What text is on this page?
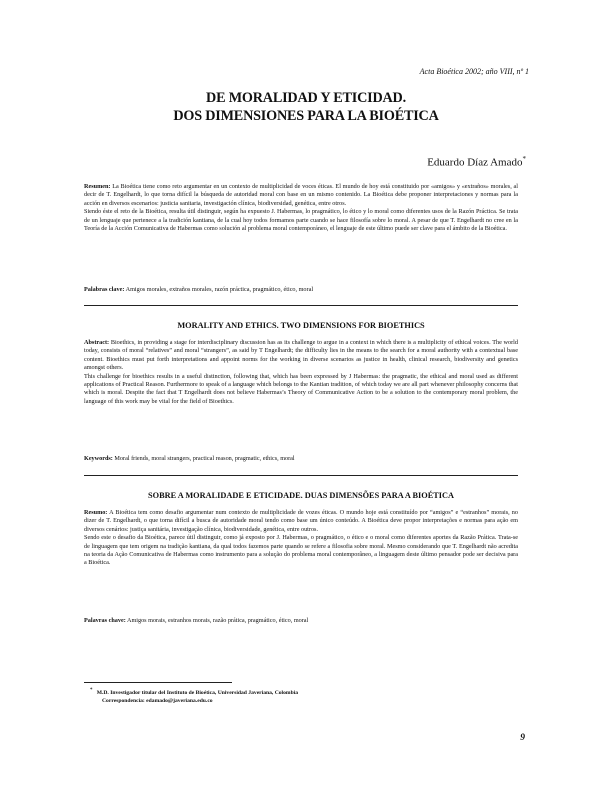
Acta Bioética 2002; año VIII, nº 1
DE MORALIDAD Y ETICIDAD.
DOS DIMENSIONES PARA LA BIOÉTICA
Eduardo Díaz Amado*

Resumen: La Bioética tiene como reto argumentar en un contexto de multiplicidad de voces éticas. El mundo de hoy está constituido por «amigos» y «extraños» morales, al decir de T. Engelhardt, lo que torna difícil la búsqueda de autoridad moral con base en un mismo contenido. La Bioética debe proponer interpretaciones y normas para la acción en diversos escenarios: justicia sanitaria, investigación clínica, biodiversidad, genética, entre otros.

Siendo éste el reto de la Bioética, resulta útil distinguir, según ha expuesto J. Habermas, lo pragmático, lo ético y lo moral como diferentes usos de la Razón Práctica. Se trata de un lenguaje que pertenece a la tradición kantiana, de la cual hoy todos formamos parte cuando se hace filosofía sobre lo moral. A pesar de que T. Engelhardt no cree en la Teoría de la Acción Comunicativa de Habermas como solución al problema moral contemporáneo, el lenguaje de este último puede ser clave para el ámbito de la Bioética.

Palabras clave: Amigos morales, extraños morales, razón práctica, pragmático, ético, moral
MORALITY AND ETHICS. TWO DIMENSIONS FOR BIOETHICS

Abstract: Bioethics, in providing a stage for interdisciplinary discussion has as its challenge to argue in a context in which there is a multiplicity of ethical voices. The world today, consists of moral “relatives” and moral “strangers”, as said by T Engelhardt; the difficulty lies in the means to the search for a moral authority with a contextual base content. Bioethics must put forth interpretations and appoint norms for the working in diverse scenarios as justice in health, clinical research, biodiversity and genetics amongst others.

This challenge for bioethics results in a useful distinction, following that, which has been expressed by J Habermas: the pragmatic, the ethical and moral used as different applications of Practical Reason. Furthermore to speak of a language which belongs to the Kantian tradition, of which today we are all part whenever philosophy concerns that which is moral. Despite the fact that T Engelhardt does not believe Habermas’s Theory of Communicative Action to be a solution to the contemporary moral problem, the language of this work may be vital for the field of Bioethics.

Keywords: Moral friends, moral strangers, practical reason, pragmatic, ethics, moral
SOBRE A MORALIDADE E ETICIDADE. DUAS DIMENSÕES PARA A BIOÉTICA

Resumo: A Bioética tem como desafio argumentar num contexto de multiplicidade de vozes éticas. O mundo hoje está constituído por “amigos” e “estranhos” morais, no dizer de T. Engelhardt, o que torna difícil a busca de autoridade moral tendo como base um único conteúdo. A Bioética deve propor interpretações e normas para ação em diversos cenários: justiça sanitária, investigação clínica, biodiversidade, genética, entre outros.

Sendo este o desafio da Bioética, parece útil distinguir, como já exposto por J. Habermas, o pragmático, o ético e o moral como diferentes aportes da Razão Prática. Trata-se de linguagem que tem origem na tradição kantiana, da qual todos fazemos parte quando se refere a filosofia sobre moral. Mesmo considerando que T. Engelhardt não acredita na teoria da Ação Comunicativa de Habermas como instrumento para a solução do problema moral contemporâneo, a linguagem deste último pensador pode ser decisiva para a Bioética.

Palavras chave: Amigos morais, estranhos morais, razão prática, pragmático, ético, moral
* M.D. Investigador titular del Instituto de Bioética, Universidad Javeriana, Colombia
Correspondencia: edamado@javeriana.edu.co
9
